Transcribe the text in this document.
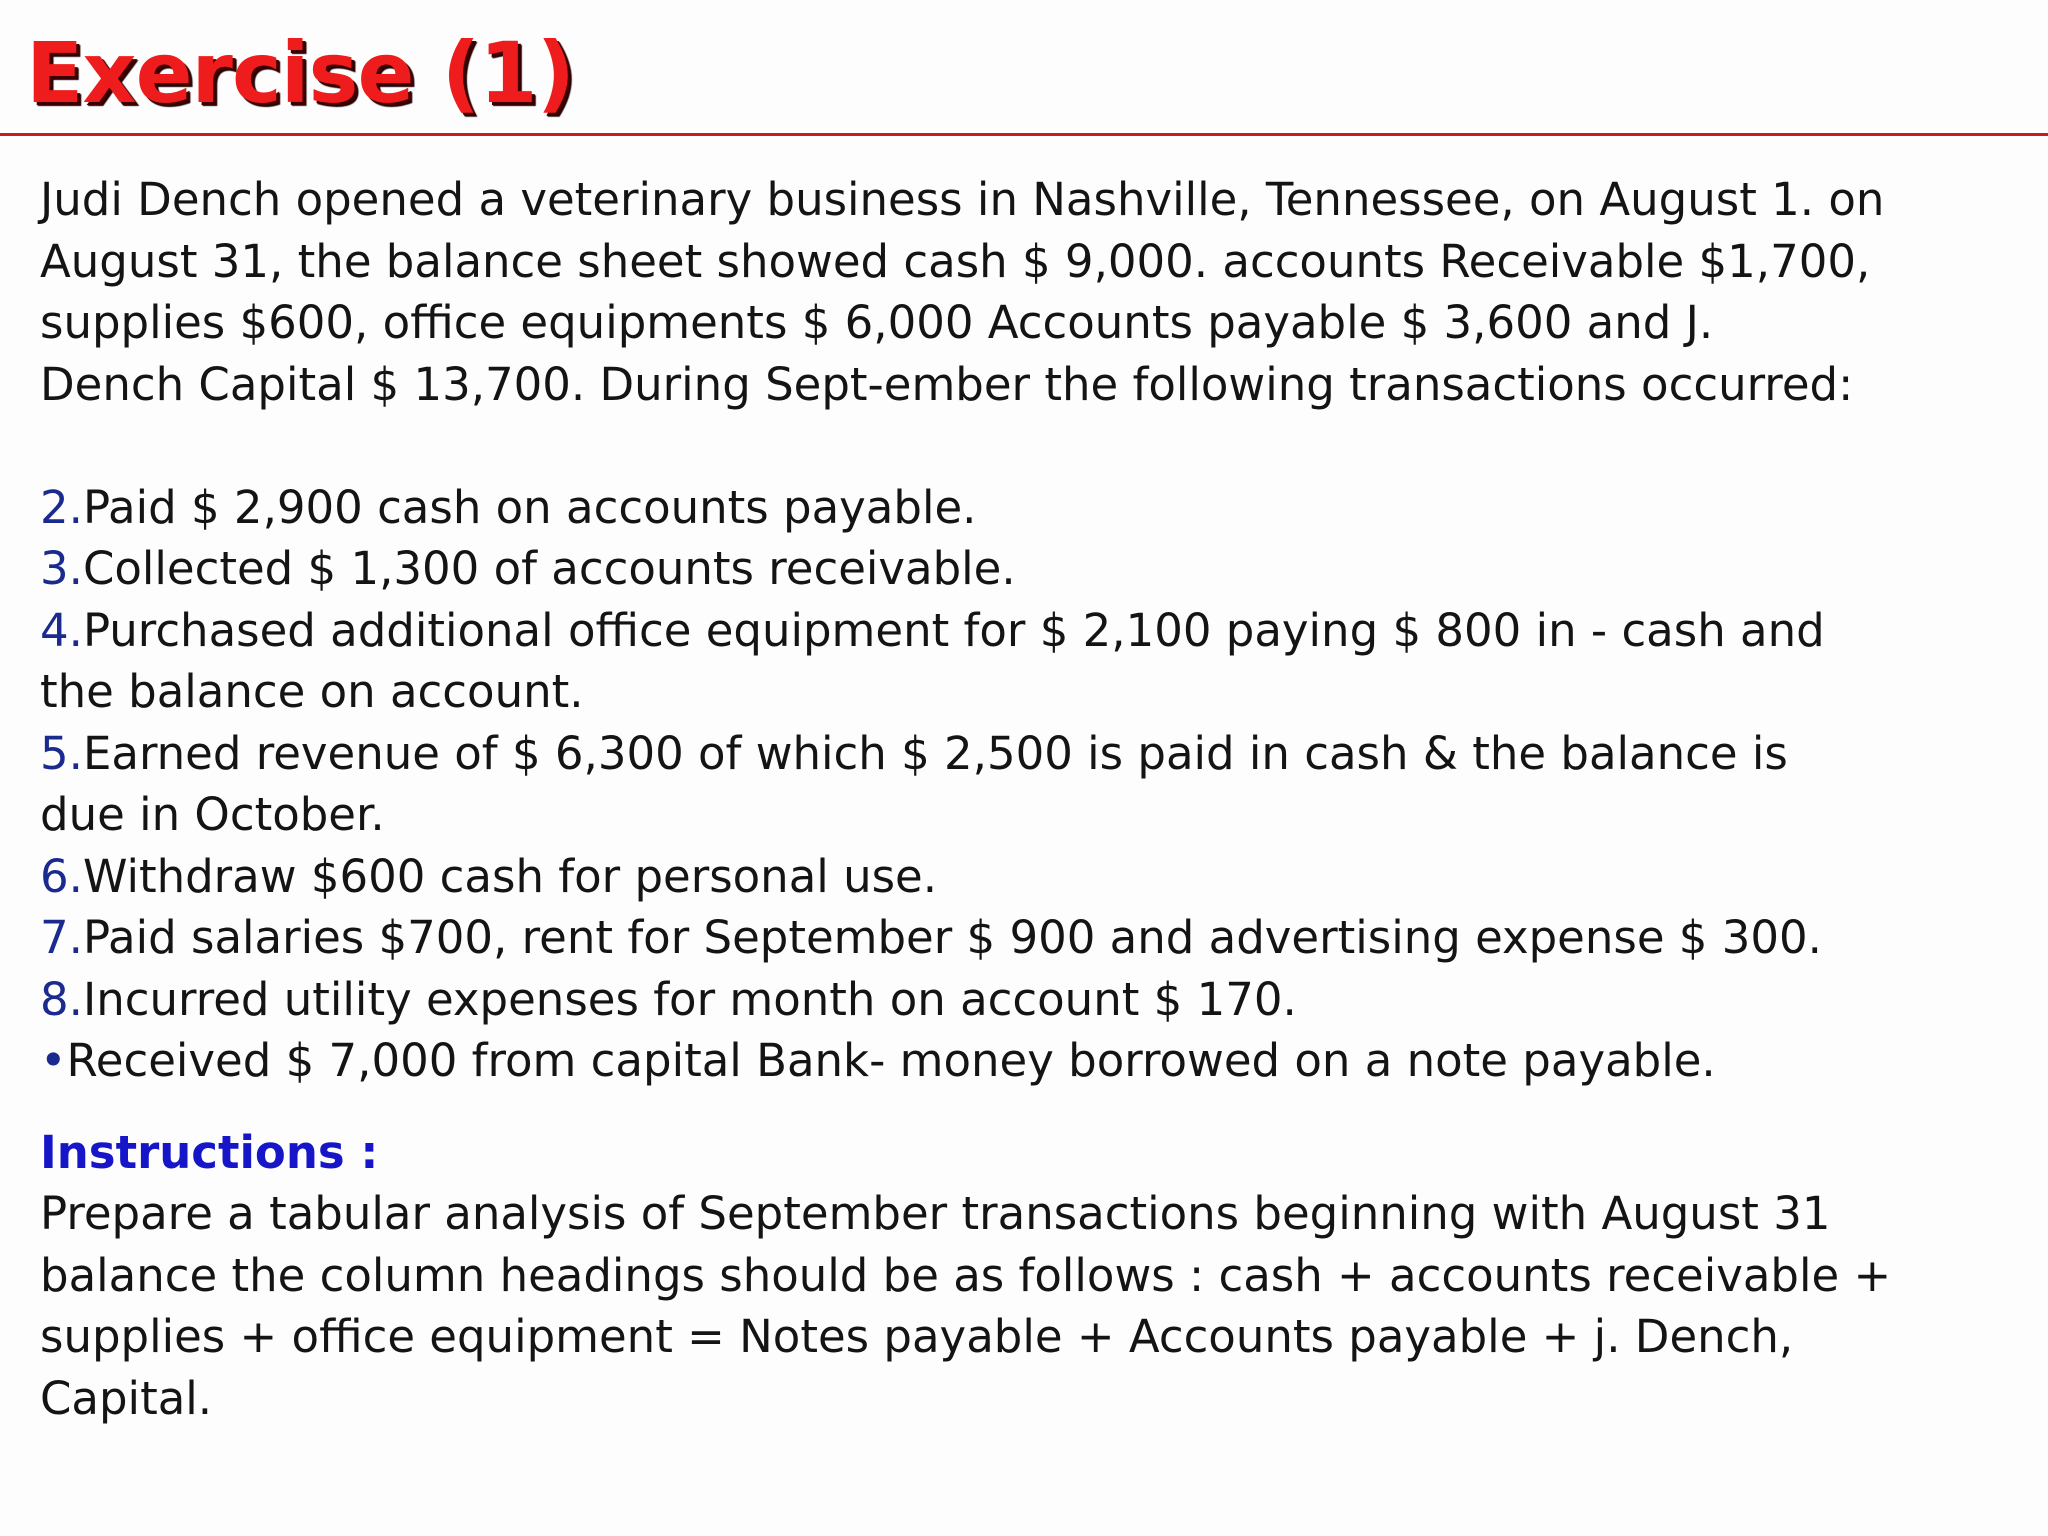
Exercise (1)
Judi Dench opened a veterinary business in Nashville, Tennessee, on August 1. on
August 31, the balance sheet showed cash $ 9,000. accounts Receivable $1,700,
supplies $600, office equipments $ 6,000 Accounts payable $ 3,600 and J.
Dench Capital $ 13,700. During Sept-ember the following transactions occurred:
2.Paid $ 2,900 cash on accounts payable.
3.Collected $ 1,300 of accounts receivable.
4.Purchased additional office equipment for $ 2,100 paying $ 800 in - cash and
the balance on account.
5.Earned revenue of $ 6,300 of which $ 2,500 is paid in cash & the balance is
due in October.
6.Withdraw $600 cash for personal use.
7.Paid salaries $700, rent for September $ 900 and advertising expense $ 300.
8.Incurred utility expenses for month on account $ 170.
•Received $ 7,000 from capital Bank- money borrowed on a note payable.
Instructions :
Prepare a tabular analysis of September transactions beginning with August 31
balance the column headings should be as follows : cash + accounts receivable +
supplies + office equipment = Notes payable + Accounts payable + j. Dench,
Capital.
